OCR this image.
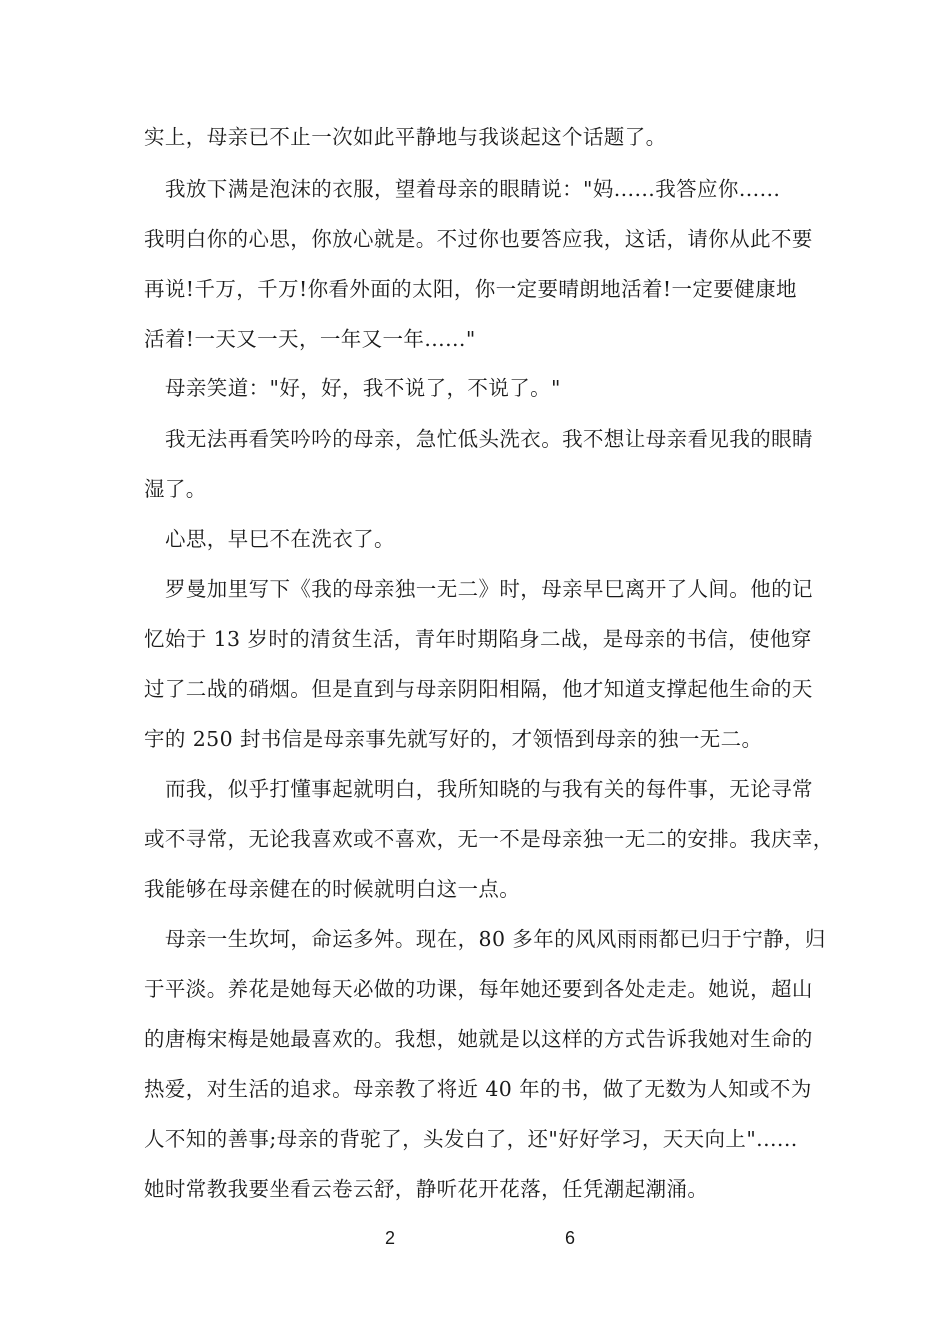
实上，母亲已不止一次如此平静地与我谈起这个话题了。
我放下满是泡沫的衣服，望着母亲的眼睛说："妈......我答应你......
我明白你的心思，你放心就是。不过你也要答应我，这话，请你从此不要
再说!千万，千万!你看外面的太阳，你一定要晴朗地活着!一定要健康地
活着!一天又一天，一年又一年......"
母亲笑道："好，好，我不说了，不说了。"
我无法再看笑吟吟的母亲，急忙低头洗衣。我不想让母亲看见我的眼睛
湿了。
心思，早巳不在洗衣了。
罗曼加里写下《我的母亲独一无二》时，母亲早巳离开了人间。他的记
忆始于 13 岁时的清贫生活，青年时期陷身二战，是母亲的书信，使他穿
过了二战的硝烟。但是直到与母亲阴阳相隔，他才知道支撑起他生命的天
宇的 250 封书信是母亲事先就写好的，才领悟到母亲的独一无二。
而我，似乎打懂事起就明白，我所知晓的与我有关的每件事，无论寻常
或不寻常，无论我喜欢或不喜欢，无一不是母亲独一无二的安排。我庆幸，
我能够在母亲健在的时候就明白这一点。
母亲一生坎坷，命运多舛。现在，80 多年的风风雨雨都已归于宁静，归
于平淡。养花是她每天必做的功课，每年她还要到各处走走。她说，超山
的唐梅宋梅是她最喜欢的。我想，她就是以这样的方式告诉我她对生命的
热爱，对生活的追求。母亲教了将近 40 年的书，做了无数为人知或不为
人不知的善事;母亲的背驼了，头发白了，还"好好学习，天天向上"......
她时常教我要坐看云卷云舒，静听花开花落，任凭潮起潮涌。
2	6
